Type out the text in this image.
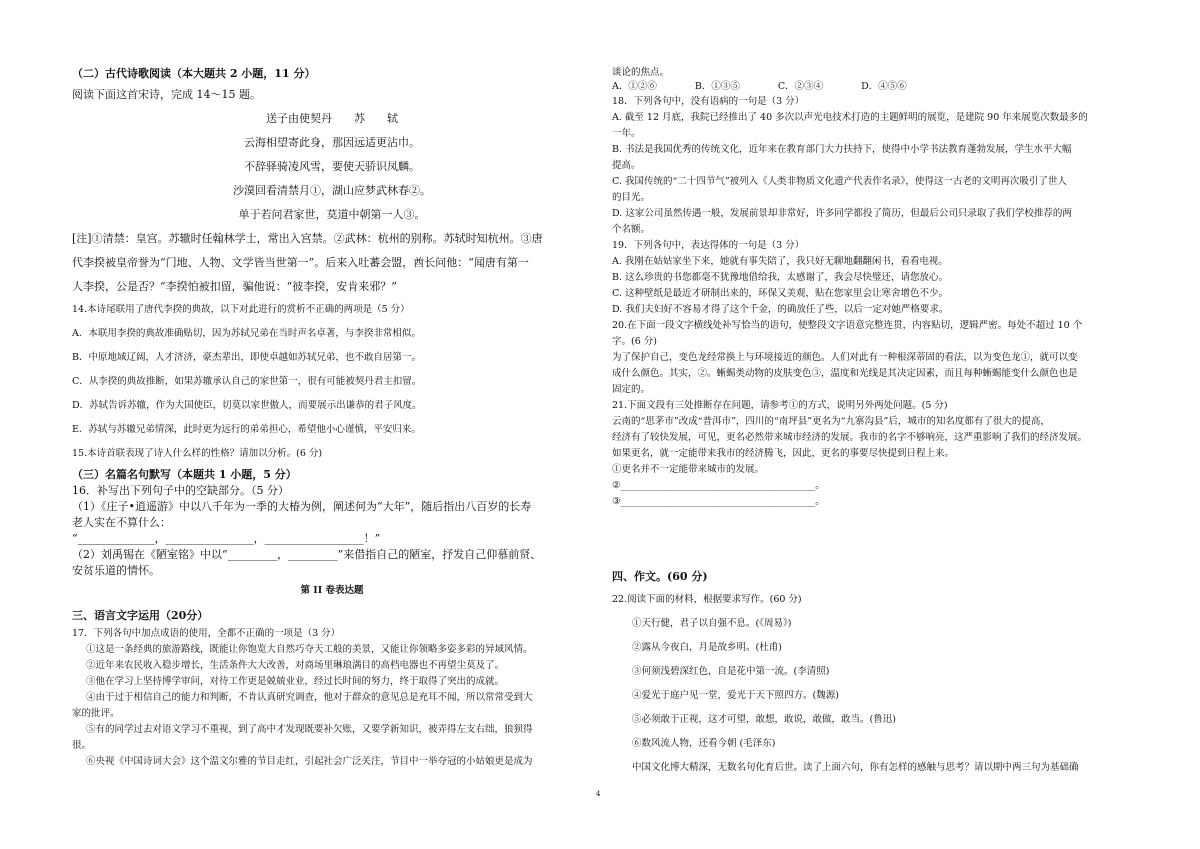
（二）古代诗歌阅读（本大题共 2 小题，11 分）

阅读下面这首宋诗，完成 14～15 题。

送子由使契丹　　苏　　轼

云海相望寄此身，那因远适更沾巾。

不辞驿骑凌风雪，要使天骄识凤麟。

沙漠回看清禁月①，湖山应梦武林春②。

单于若问君家世，莫道中朝第一人③。

[注]①清禁：皇宫。苏辙时任翰林学士，常出入宫禁。②武林：杭州的别称。苏轼时知杭州。③唐

代李揆被皇帝誉为“门地、人物、文学皆当世第一”。后来入吐蕃会盟，酋长问他：“闻唐有第一

人李揆，公是否？”李揆怕被扣留，骗他说：“彼李揆，安肯来邪？”

14.本诗尾联用了唐代李揆的典故，以下对此进行的赏析不正确的两项是（5 分）

A．本联用李揆的典故准确贴切，因为苏轼兄弟在当时声名卓著，与李揆非常相似。

B．中原地域辽阔，人才济济，豪杰辈出，即使卓越如苏轼兄弟，也不敢自居第一。

C．从李揆的典故推断，如果苏辙承认自己的家世第一，很有可能被契丹君主扣留。

D．苏轼告诉苏辙，作为大国使臣，切莫以家世傲人，而要展示出谦恭的君子风度。

E．苏轼与苏辙兄弟情深，此时更为远行的弟弟担心，希望他小心谨慎，平安归来。

15.本诗首联表现了诗人什么样的性格？请加以分析。(6 分)

（三）名篇名句默写（本题共 1 小题，5 分）

16．补写出下列句子中的空缺部分。（5 分）

（1）《庄子•逍遥游》中以八千年为一季的大椿为例，阐述何为“大年”，随后指出八百岁的长寿

老人实在不算什么：

“______________，________________，__________________！”

（2）刘禹锡在《陋室铭》中以“_________，_________”来借指自己的陋室，抒发自己仰慕前贤、

安贫乐道的情怀。

第 II 卷表达题

三、语言文字运用（20分）

17．下列各句中加点成语的使用，全都不正确的一项是（3 分）

①这是一条经典的旅游路线，既能让你饱览大自然巧夺天工般的美景，又能让你领略多姿多彩的异域风情。

②近年来农民收入稳步增长，生活条件大大改善，对商场里琳琅满目的高档电器也不再望尘莫及了。

③他在学习上坚持博学审问，对待工作更是兢兢业业，经过长时间的努力，终于取得了突出的成就。

④由于过于相信自己的能力和判断，不肯认真研究调查，他对于群众的意见总是充耳不闻，所以常常受到大

家的批评。

⑤有的同学过去对语文学习不重视，到了高中才发现既要补欠账，又要学新知识，被弄得左支右绌，狼狈得

很。

⑥央视《中国诗词大会》这个温文尔雅的节目走红，引起社会广泛关注，节目中一举夺冠的小姑娘更是成为

谈论的焦点。

A．①②⑥　　　　B．①③⑤　　　　C．②③④　　　　D．④⑤⑥

18．下列各句中，没有语病的一句是（3 分）

A. 截至 12 月底，我院已经推出了 40 多次以声光电技术打造的主题鲜明的展览，是建院 90 年来展览次数最多的

一年。

B. 书法是我国优秀的传统文化，近年来在教育部门大力扶持下，使得中小学书法教育蓬勃发展，学生水平大幅

提高。

C. 我国传统的“二十四节气”被列入《人类非物质文化遗产代表作名录》，使得这一古老的文明再次吸引了世人

的目光。

D. 这家公司虽然传遇一般，发展前景却非常好，许多同学都投了简历，但最后公司只录取了我们学校推荐的两

个名额。

19．下列各句中，表达得体的一句是（3 分）

A. 我刚在姑姑家坐下来，她就有事失陪了，我只好无聊地翻翻闲书，看看电视。

B. 这么珍贵的书您都毫不犹豫地借给我，太感谢了，我会尽快璧还，请您放心。

C. 这种壁纸是最近才研制出来的，环保又美观，贴在您家里会让寒舍增色不少。

D. 我们夫妇好不容易才得了这个千金，的确放任了些，以后一定对她严格要求。

20.在下面一段文字横线处补写恰当的语句，使整段文字语意完整连贯，内容贴切，逻辑严密。每处不超过 10 个

字。(6 分)

为了保护自己，变色龙经常换上与环境接近的颜色。人们对此有一种根深蒂固的看法，以为变色龙①，就可以变

成什么颜色。其实，②。蜥蜴类动物的皮肤变色③，温度和光线是其决定因素，而且每种蜥蜴能变什么颜色也是

固定的。

21.下面文段有三处推断存在问题，请参考①的方式，说明另外两处问题。(5 分)

云南的“思茅市”改成“普洱市”，四川的“南坪县”更名为“九寨沟县”后，城市的知名度都有了很大的提高，

经济有了较快发展，可见，更名必然带来城市经济的发展。我市的名字不够响亮，这严重影响了我们的经济发展。

如果更名，就一定能带来我市的经济腾飞，因此，更名的事要尽快提到日程上来。

①更名并不一定能带来城市的发展。

②_________________________________________。

③_________________________________________。

四、作文。(60 分)

22.阅读下面的材料，根据要求写作。(60 分)

①天行健，君子以自强不息。(《周易》)

②露从今夜白，月是故乡明。(杜甫)

③何须浅碧深红色，自是花中第一流。(李清照)

④爱光于庭户见一堂，爱光于天下照四方。(魏源)

⑤必须敢于正视，这才可望，敢想，敢说，敢做，敢当。(鲁迅)

⑥数风流人物，还看今朝 (毛泽东)

中国文化博大精深，无数名句化育后世。读了上面六句，你有怎样的感触与思考？请以期中两三句为基础确

4
